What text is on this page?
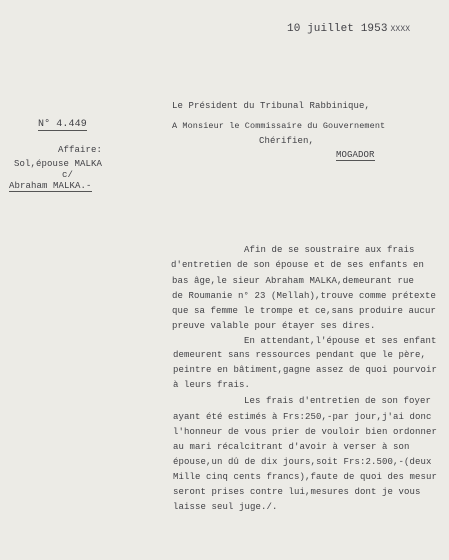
10 juillet 1953 XXXX
N° 4.449
Affaire:
Sol,épouse MALKA
c/
Abraham MALKA.-
Le Président du Tribunal Rabbinique,
A Monsieur le Commissaire du Gouvernement
Chérifien,
MOGADOR
Afin de se soustraire aux frais
d'entretien de son épouse et de ses enfants en
bas âge,le sieur Abraham MALKA,demeurant rue
de Roumanie n° 23 (Mellah),trouve comme prétexte
que sa femme le trompe et ce,sans produire aucur
preuve valable pour étayer ses dires.
En attendant,l'épouse et ses enfant
demeurent sans ressources pendant que le père,
peintre en bâtiment,gagne assez de quoi pourvoir
à leurs frais.
Les frais d'entretien de son foyer
ayant été estimés à Frs:250,-par jour,j'ai donc
l'honneur de vous prier de vouloir bien ordonner
au mari récalcitrant d'avoir à verser à son
épouse,un dû de dix jours,soit Frs:2.500,-(deux
Mille cinq cents francs),faute de quoi des mesur
seront prises contre lui,mesures dont je vous
laisse seul juge./.
